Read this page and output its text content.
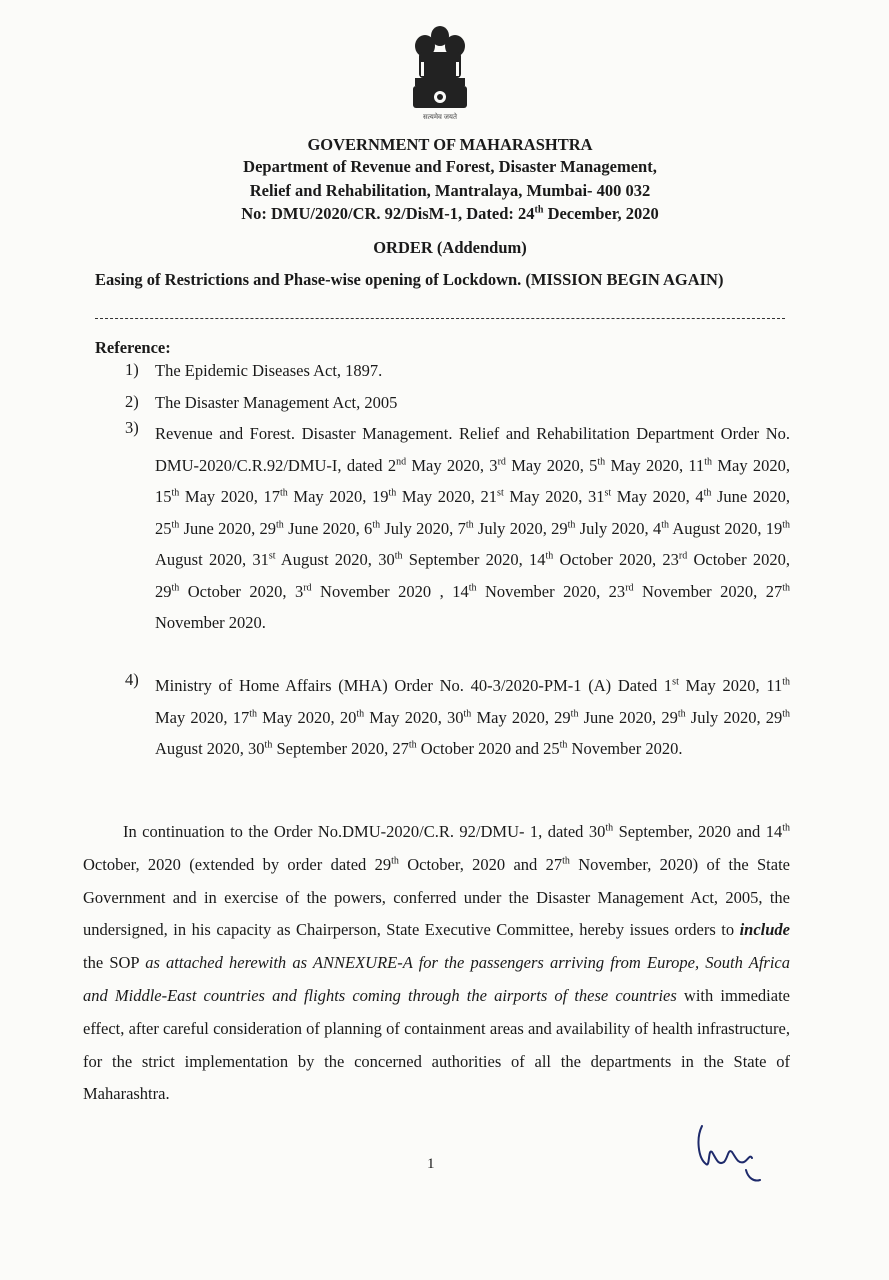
सत्यमेव जयते
GOVERNMENT OF MAHARASHTRA
Department of Revenue and Forest, Disaster Management,
Relief and Rehabilitation, Mantralaya, Mumbai- 400 032
No: DMU/2020/CR. 92/DisM-1, Dated: 24th December, 2020
ORDER (Addendum)
Easing of Restrictions and Phase-wise opening of Lockdown. (MISSION BEGIN AGAIN)
Reference:
1) The Epidemic Diseases Act, 1897.
2) The Disaster Management Act, 2005
3) Revenue and Forest. Disaster Management. Relief and Rehabilitation Department Order No. DMU-2020/C.R.92/DMU-I, dated 2nd May 2020, 3rd May 2020, 5th May 2020, 11th May 2020, 15th May 2020, 17th May 2020, 19th May 2020, 21st May 2020, 31st May 2020, 4th June 2020, 25th June 2020, 29th June 2020, 6th July 2020, 7th July 2020, 29th July 2020, 4th August 2020, 19th August 2020, 31st August 2020, 30th September 2020, 14th October 2020, 23rd October 2020, 29th October 2020, 3rd November 2020 , 14th November 2020, 23rd November 2020, 27th November 2020.
4) Ministry of Home Affairs (MHA) Order No. 40-3/2020-PM-1 (A) Dated 1st May 2020, 11th May 2020, 17th May 2020, 20th May 2020, 30th May 2020, 29th June 2020, 29th July 2020, 29th August 2020, 30th September 2020, 27th October 2020 and 25th November 2020.
In continuation to the Order No.DMU-2020/C.R. 92/DMU- 1, dated 30th September, 2020 and 14th October, 2020 (extended by order dated 29th October, 2020 and 27th November, 2020) of the State Government and in exercise of the powers, conferred under the Disaster Management Act, 2005, the undersigned, in his capacity as Chairperson, State Executive Committee, hereby issues orders to include the SOP as attached herewith as ANNEXURE-A for the passengers arriving from Europe, South Africa and Middle-East countries and flights coming through the airports of these countries with immediate effect, after careful consideration of planning of containment areas and availability of health infrastructure, for the strict implementation by the concerned authorities of all the departments in the State of Maharashtra.
1
